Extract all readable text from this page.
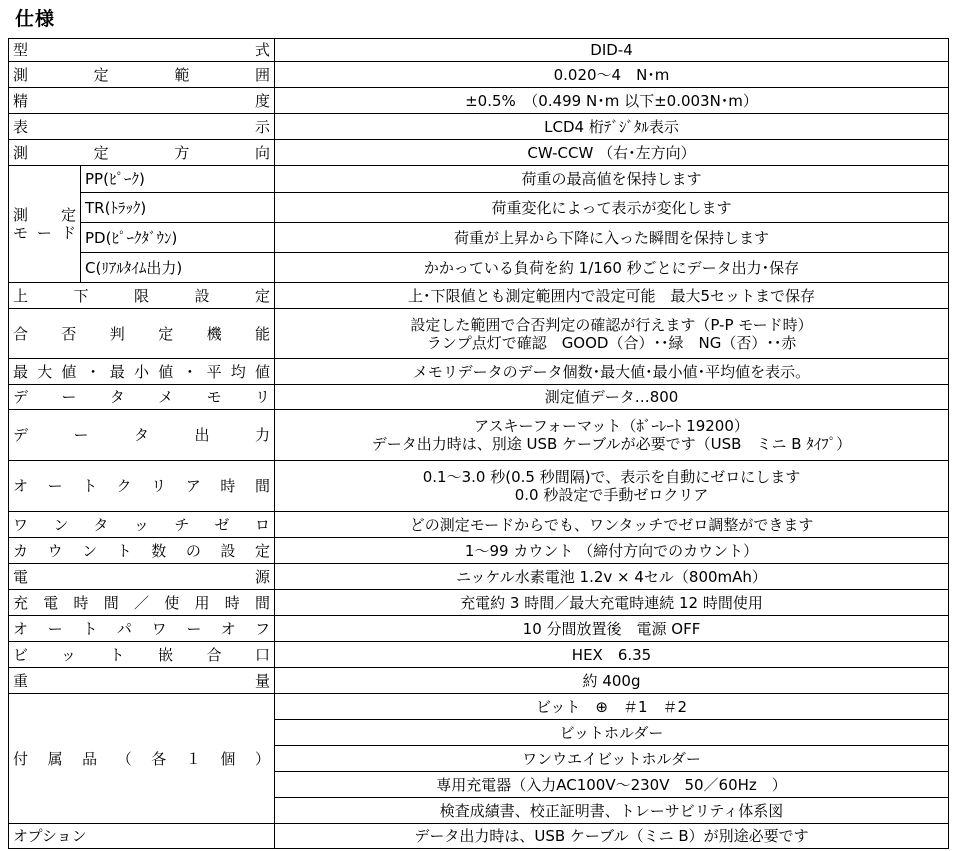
仕様
型　式		DID-4
測定範囲		0.020～4　N･m
精度		±0.5%　（0.499 N･m 以下±0.003N･m）
表示		LCD4 桁ﾃﾞｼﾞﾀﾙ表示
測定方向		CW-CCW （右･左方向）

測　定
モード	PP(ﾋﾟｰｸ)	荷重の最高値を保持します
	TR(ﾄﾗｯｸ)	荷重変化によって表示が変化します
	PD(ﾋﾟｰｸﾀﾞｳﾝ)	荷重が上昇から下降に入った瞬間を保持します
	C(ﾘｱﾙﾀｲﾑ出力)	かかっている負荷を約 1/160 秒ごとにデータ出力･保存
上下限設定		上･下限値とも測定範囲内で設定可能　最大5セットまで保存
合否判定機能		設定した範囲で合否判定の確認が行えます（P-P モード時）
ランプ点灯で確認　GOOD（合）･･緑　NG（否）･･赤

最大値・最小値・平均値		メモリデータのデータ個数･最大値･最小値･平均値を表示。
データメモリ		測定値データ…800
データ出力		アスキーフォーマット（ﾎﾞｰﾚｰﾄ 19200）
データ出力時は、別途 USB ケーブルが必要です（USB　ミニ B ﾀｲﾌﾟ）

オートクリア時間		0.1～3.0 秒(0.5 秒間隔)で、表示を自動にゼロにします
0.0 秒設定で手動ゼロクリア

ワンタッチゼロ		どの測定モードからでも、ワンタッチでゼロ調整ができます
カウント数の設定		1～99 カウント （締付方向でのカウント）
電源		ニッケル水素電池 1.2v × 4セル（800mAh）
充電時間／使用時間		充電約 3 時間／最大充電時連続 12 時間使用
オートパワーオフ		10 分間放置後　電源 OFF
ビット嵌合口		HEX　6.35
重量		約 400g
付属品（各１個）		ビット　⊕　＃1　＃2
		ビットホルダー
		ワンウエイビットホルダー
		専用充電器（入力AC100V～230V　50／60Hz　）
		検査成績書、校正証明書、トレーサビリティ体系図
オプション		データ出力時は、USB ケーブル（ミニ B）が別途必要です
